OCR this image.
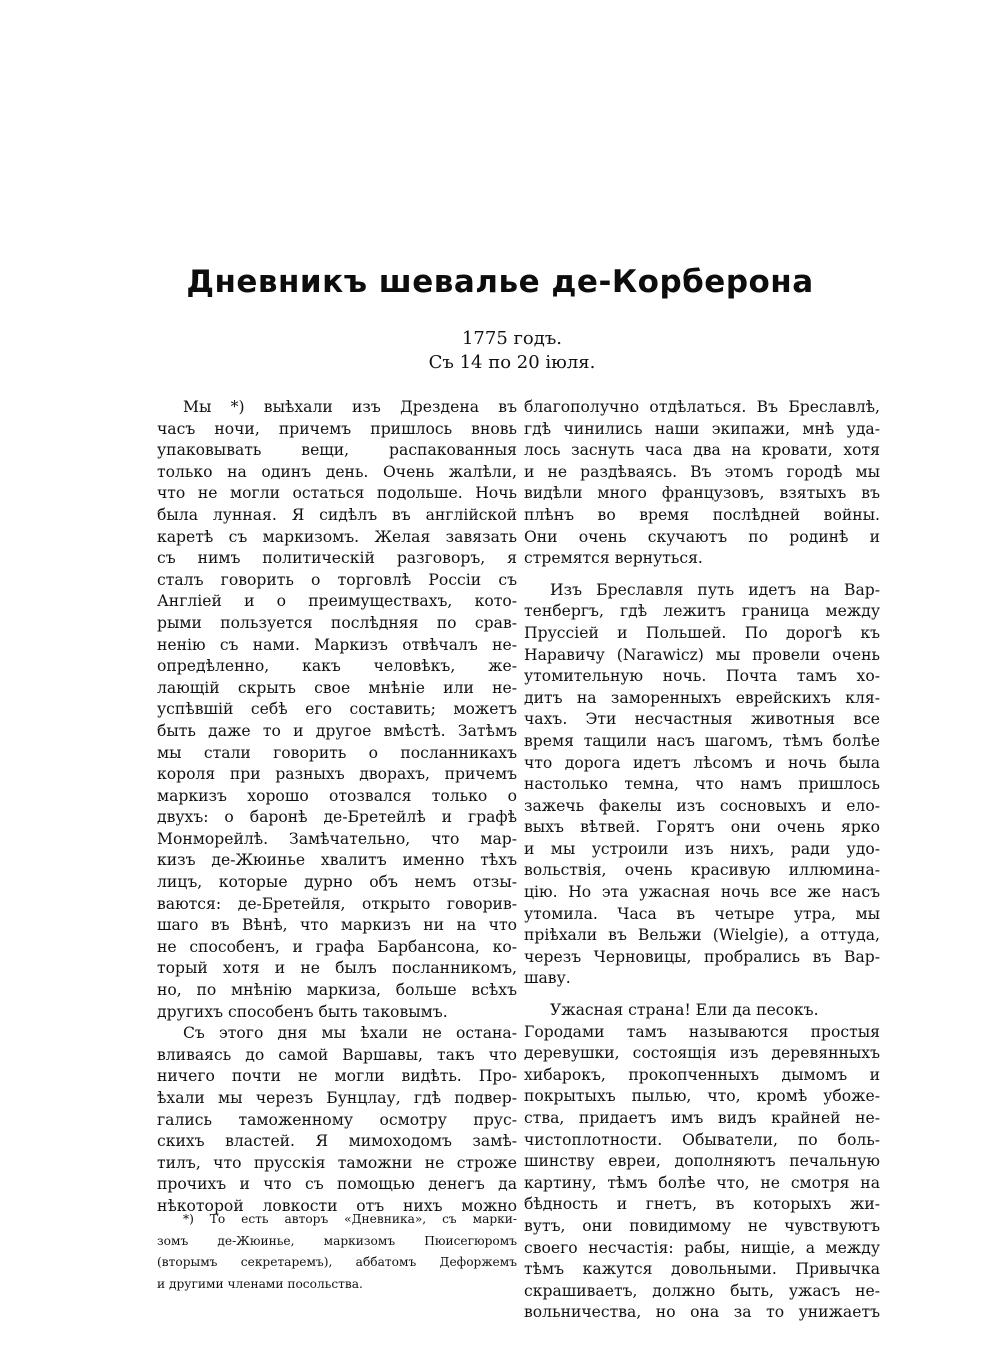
Дневникъ шевалье де-Корберона
1775 годъ.
Съ 14 по 20 іюля.
Мы *) выѣхали изъ Дрездена въ
часъ ночи, причемъ пришлось вновь
упаковывать вещи, распакованныя
только на одинъ день. Очень жалѣли,
что не могли остаться подольше. Ночь
была лунная. Я сидѣлъ въ англійской
каретѣ съ маркизомъ. Желая завязать
съ нимъ политическій разговоръ, я
сталъ говорить о торговлѣ Россіи съ
Англіей и о преимуществахъ, кото-
рыми пользуется послѣдняя по срав-
ненію съ нами. Маркизъ отвѣчалъ не-
опредѣленно, какъ человѣкъ, же-
лающій скрыть свое мнѣніе или не-
успѣвшій себѣ его составить; можетъ
быть даже то и другое вмѣстѣ. Затѣмъ
мы стали говорить о посланникахъ
короля при разныхъ дворахъ, причемъ
маркизъ хорошо отозвался только о
двухъ: о баронѣ де-Бретейлѣ и графѣ
Монморейлѣ. Замѣчательно, что мар-
кизъ де-Жюинье хвалитъ именно тѣхъ
лицъ, которые дурно объ немъ отзы-
ваются: де-Бретейля, открыто говорив-
шаго въ Вѣнѣ, что маркизъ ни на что
не способенъ, и графа Барбансона, ко-
торый хотя и не былъ посланникомъ,
но, по мнѣнію маркиза, больше всѣхъ
другихъ способенъ быть таковымъ.
Съ этого дня мы ѣхали не остана-
вливаясь до самой Варшавы, такъ что
ничего почти не могли видѣть. Про-
ѣхали мы черезъ Бунцлау, гдѣ подвер-
гались таможенному осмотру прус-
скихъ властей. Я мимоходомъ замѣ-
тилъ, что прусскія таможни не строже
прочихъ и что съ помощью денегъ да
нѣкоторой ловкости отъ нихъ можно
благополучно отдѣлаться. Въ Бреславлѣ,
гдѣ чинились наши экипажи, мнѣ уда-
лось заснуть часа два на кровати, хотя
и не раздѣваясь. Въ этомъ городѣ мы
видѣли много французовъ, взятыхъ въ
плѣнъ во время послѣдней войны.
Они очень скучаютъ по родинѣ и
стремятся вернуться.
Изъ Бреславля путь идетъ на Вар-
тенбергъ, гдѣ лежитъ граница между
Пруссіей и Польшей. По дорогѣ къ
Наравичу (Narawicz) мы провели очень
утомительную ночь. Почта тамъ хо-
дитъ на заморенныхъ еврейскихъ кля-
чахъ. Эти несчастныя животныя все
время тащили насъ шагомъ, тѣмъ болѣе
что дорога идетъ лѣсомъ и ночь была
настолько темна, что намъ пришлось
зажечь факелы изъ сосновыхъ и ело-
выхъ вѣтвей. Горятъ они очень ярко
и мы устроили изъ нихъ, ради удо-
вольствія, очень красивую иллюмина-
цію. Но эта ужасная ночь все же насъ
утомила. Часа въ четыре утра, мы
пріѣхали въ Вельжи (Wielgie), а оттуда,
черезъ Черновицы, пробрались въ Вар-
шаву.
Ужасная страна! Ели да песокъ.
Городами тамъ называются простыя
деревушки, состоящія изъ деревянныхъ
хибарокъ, прокопченныхъ дымомъ и
покрытыхъ пылью, что, кромѣ убоже-
ства, придаетъ имъ видъ крайней не-
чистоплотности. Обыватели, по боль-
шинству евреи, дополняютъ печальную
картину, тѣмъ болѣе что, не смотря на
бѣдность и гнетъ, въ которыхъ жи-
вутъ, они повидимому не чувствуютъ
своего несчастія: рабы, нищіе, а между
тѣмъ кажутся довольными. Привычка
скрашиваетъ, должно быть, ужасъ не-
вольничества, но она за то унижаетъ
*) То есть авторъ «Дневника», съ марки-
зомъ де-Жюинье, маркизомъ Пюисегюромъ
(вторымъ секретаремъ), аббатомъ Дефоржемъ
и другими членами посольства.
